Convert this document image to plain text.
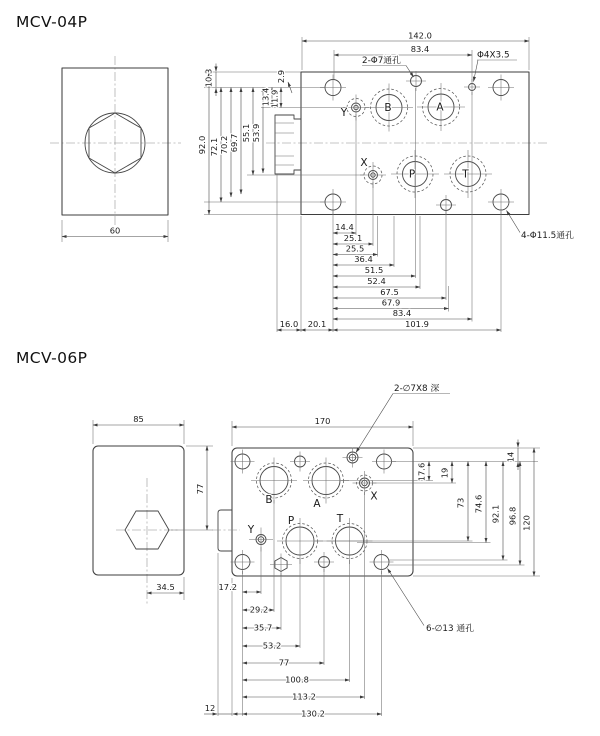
MCV-04P
60
B	A
P	T
Y
X
142.0
83.4
2-Φ7通孔
Φ4X3.5
4-Φ11.5通孔
92.0
10.3
72.1 70.2 69.7
55.1 53.9
13.4 11.9
2.9
14.4
25.1
25.5
36.4
51.5
52.4
67.5
67.9
83.4
101.9
16.0 20.1
MCV-06P
85
77
34.5
B	A
P	T
X
Y
170
2-∅7X8 深
6-∅13 通孔
14
17.6 19
73 74.6
92.1 96.8 120
17.2
29.2
35.7
53.2
77
100.8
113.2
130.2
12
